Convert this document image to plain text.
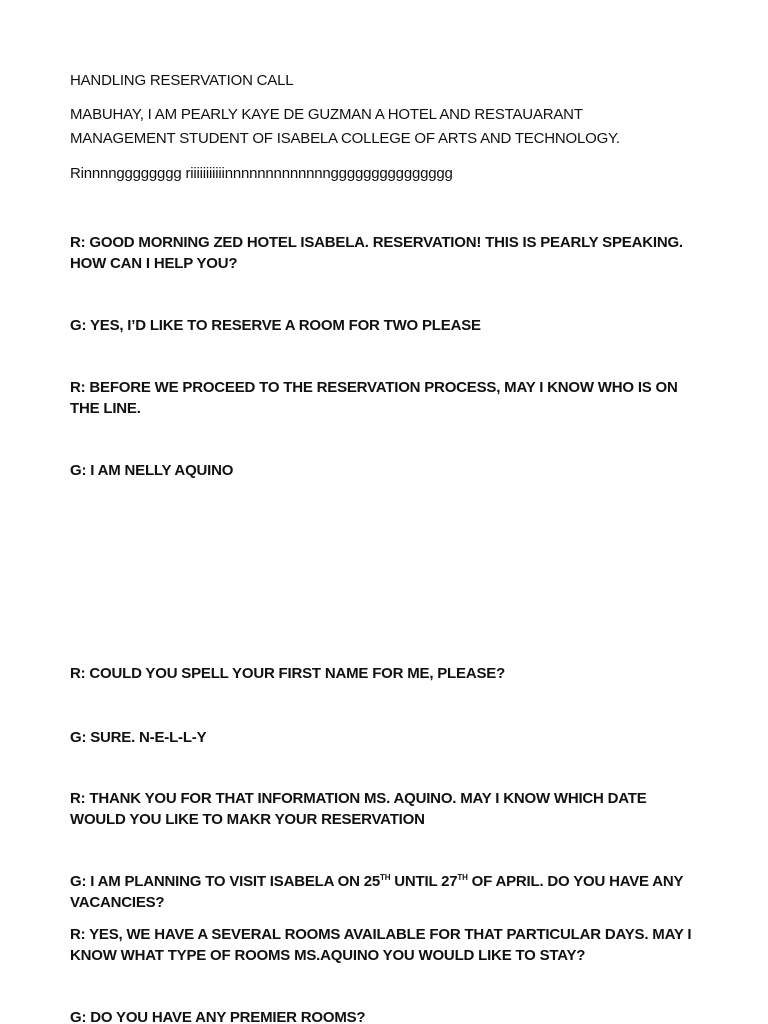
HANDLING RESERVATION CALL

MABUHAY, I AM PEARLY KAYE DE GUZMAN A HOTEL AND RESTAUARANT

MANAGEMENT STUDENT OF ISABELA COLLEGE OF ARTS AND TECHNOLOGY.

Rinnnngggggggg riiiiiiiiiiinnnnnnnnnnnnnggggggggggggggg

R: GOOD MORNING ZED HOTEL ISABELA. RESERVATION! THIS IS PEARLY SPEAKING.

HOW CAN I HELP YOU?

G: YES, I’D LIKE TO RESERVE A ROOM FOR TWO PLEASE

R: BEFORE WE PROCEED TO THE RESERVATION PROCESS, MAY I KNOW WHO IS ON

THE LINE.

G: I AM NELLY AQUINO

R: COULD YOU SPELL YOUR FIRST NAME FOR ME, PLEASE?

G: SURE. N-E-L-L-Y

R: THANK YOU FOR THAT INFORMATION MS. AQUINO. MAY I KNOW WHICH DATE

WOULD YOU LIKE TO MAKR YOUR RESERVATION

G: I AM PLANNING TO VISIT ISABELA ON 25TH UNTIL 27TH OF APRIL. DO YOU HAVE ANY

VACANCIES?

R: YES, WE HAVE A SEVERAL ROOMS AVAILABLE FOR THAT PARTICULAR DAYS. MAY I

KNOW WHAT TYPE OF ROOMS MS.AQUINO YOU WOULD LIKE TO STAY?

G: DO YOU HAVE ANY PREMIER ROOMS?
